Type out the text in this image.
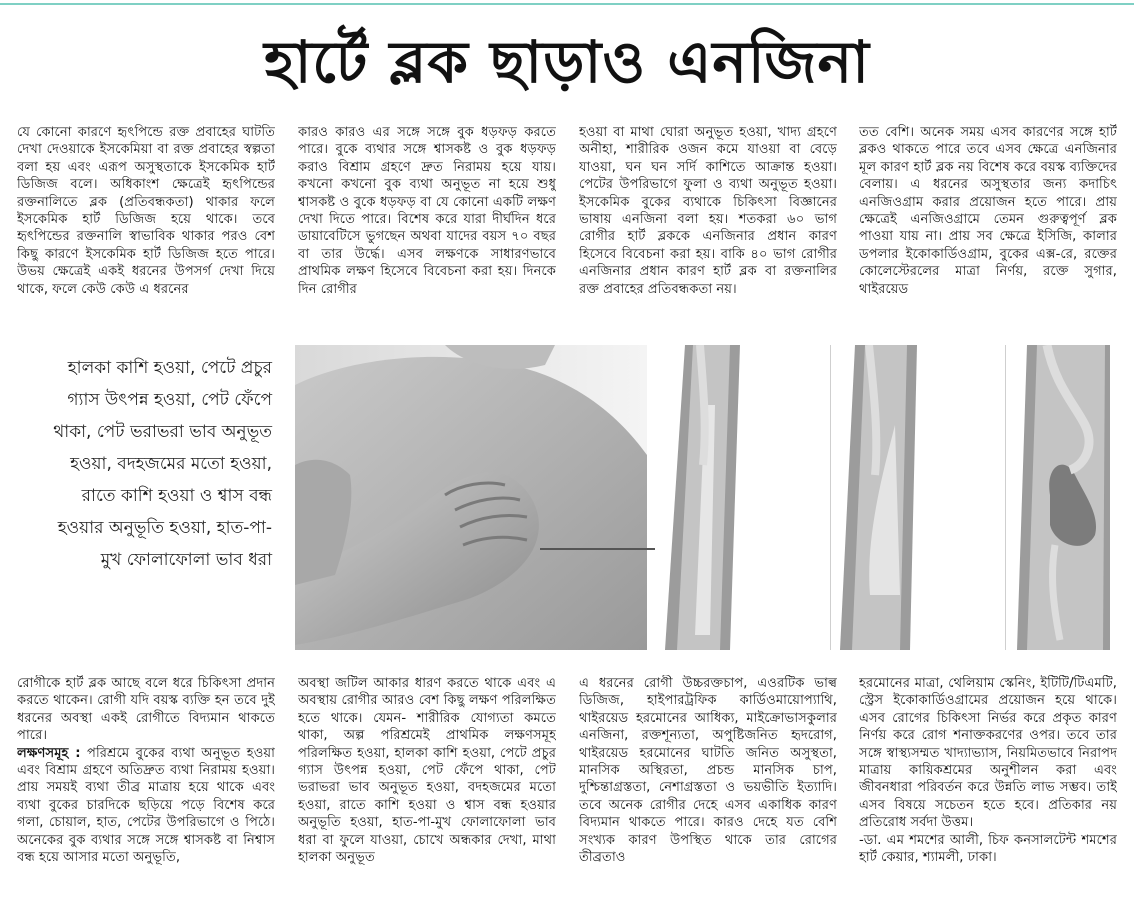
হার্টে ব্লক ছাড়াও এনজিনা
যে কোনো কারণে হৃৎপিন্ডে রক্ত প্রবাহের ঘাটতি দেখা দেওয়াকে ইসকেমিয়া বা রক্ত প্রবাহের স্বল্পতা বলা হয় এবং এরূপ অসুস্থতাকে ইসকেমিক হার্ট ডিজিজ বলে। অধিকাংশ ক্ষেত্রেই হৃৎপিন্ডের রক্তনালিতে ব্লক (প্রতিবন্ধকতা) থাকার ফলে ইসকেমিক হার্ট ডিজিজ হয়ে থাকে। তবে হৃৎপিন্ডের রক্তনালি স্বাভাবিক থাকার পরও বেশ কিছু কারণে ইসকেমিক হার্ট ডিজিজ হতে পারে। উভয় ক্ষেত্রেই একই ধরনের উপসর্গ দেখা দিয়ে থাকে, ফলে কেউ কেউ এ ধরনের
কারও কারও এর সঙ্গে সঙ্গে বুক ধড়ফড় করতে পারে। বুকে ব্যথার সঙ্গে শ্বাসকষ্ট ও বুক ধড়ফড় করাও বিশ্রাম গ্রহণে দ্রুত নিরাময় হয়ে যায়। কখনো কখনো বুক ব্যথা অনুভূত না হয়ে শুধু শ্বাসকষ্ট ও বুকে ধড়ফড় বা যে কোনো একটি লক্ষণ দেখা দিতে পারে। বিশেষ করে যারা দীর্ঘদিন ধরে ডায়াবেটিসে ভুগছেন অথবা যাদের বয়স ৭০ বছর বা তার উর্দ্ধে। এসব লক্ষণকে সাধারণভাবে প্রাথমিক লক্ষণ হিসেবে বিবেচনা করা হয়। দিনকে দিন রোগীর
হওয়া বা মাথা ঘোরা অনুভূত হওয়া, খাদ্য গ্রহণে অনীহা, শারীরিক ওজন কমে যাওয়া বা বেড়ে যাওয়া, ঘন ঘন সর্দি কাশিতে আক্রান্ত হওয়া। পেটের উপরিভাগে ফুলা ও ব্যথা অনুভূত হওয়া। ইসকেমিক বুকের ব্যথাকে চিকিৎসা বিজ্ঞানের ভাষায় এনজিনা বলা হয়। শতকরা ৬০ ভাগ রোগীর হার্ট ব্লককে এনজিনার প্রধান কারণ হিসেবে বিবেচনা করা হয়। বাকি ৪০ ভাগ রোগীর এনজিনার প্রধান কারণ হার্ট ব্লক বা রক্তনালির রক্ত প্রবাহের প্রতিবন্ধকতা নয়।
তত বেশি। অনেক সময় এসব কারণের সঙ্গে হার্ট ব্লকও থাকতে পারে তবে এসব ক্ষেত্রে এনজিনার মূল কারণ হার্ট ব্লক নয় বিশেষ করে বয়স্ক ব্যক্তিদের বেলায়। এ ধরনের অসুস্থতার জন্য কদাচিৎ এনজিওগ্রাম করার প্রয়োজন হতে পারে। প্রায় ক্ষেত্রেই এনজিওগ্রামে তেমন গুরুত্বপূর্ণ ব্লক পাওয়া যায় না। প্রায় সব ক্ষেত্রে ইসিজি, কালার ডপলার ইকোকার্ডিওগ্রাম, বুকের এক্স-রে, রক্তের কোলেস্টেরলের মাত্রা নির্ণয়, রক্তে সুগার, থাইরয়েড
হালকা কাশি হওয়া, পেটে প্রচুর গ্যাস উৎপন্ন হওয়া, পেট ফেঁপে থাকা, পেট ভরাভরা ভাব অনুভূত হওয়া, বদহজমের মতো হওয়া, রাতে কাশি হওয়া ও শ্বাস বন্ধ হওয়ার অনুভূতি হওয়া, হাত-পা-মুখ ফোলাফোলা ভাব ধরা
রোগীকে হার্ট ব্লক আছে বলে ধরে চিকিৎসা প্রদান করতে থাকেন। রোগী যদি বয়স্ক ব্যক্তি হন তবে দুই ধরনের অবস্থা একই রোগীতে বিদ্যমান থাকতে পারে।
লক্ষণসমূহ : পরিশ্রমে বুকের ব্যথা অনুভূত হওয়া এবং বিশ্রাম গ্রহণে অতিদ্রুত ব্যথা নিরাময় হওয়া। প্রায় সময়ই ব্যথা তীব্র মাত্রায় হয়ে থাকে এবং ব্যথা বুকের চারদিকে ছড়িয়ে পড়ে বিশেষ করে গলা, চোয়াল, হাত, পেটের উপরিভাগে ও পিঠে। অনেকের বুক ব্যথার সঙ্গে সঙ্গে শ্বাসকষ্ট বা নিশ্বাস বন্ধ হয়ে আসার মতো অনুভূতি,
অবস্থা জটিল আকার ধারণ করতে থাকে এবং এ অবস্থায় রোগীর আরও বেশ কিছু লক্ষণ পরিলক্ষিত হতে থাকে। যেমন- শারীরিক যোগ্যতা কমতে থাকা, অল্প পরিশ্রমেই প্রাথমিক লক্ষণসমূহ পরিলক্ষিত হওয়া, হালকা কাশি হওয়া, পেটে প্রচুর গ্যাস উৎপন্ন হওয়া, পেট ফেঁপে থাকা, পেট ভরাভরা ভাব অনুভূত হওয়া, বদহজমের মতো হওয়া, রাতে কাশি হওয়া ও শ্বাস বন্ধ হওয়ার অনুভূতি হওয়া, হাত-পা-মুখ ফোলাফোলা ভাব ধরা বা ফুলে যাওয়া, চোখে অন্ধকার দেখা, মাথা হালকা অনুভূত
এ ধরনের রোগী উচ্চরক্তচাপ, এওরটিক ভাল্ব ডিজিজ, হাইপারট্রফিক কার্ডিওমায়োপ্যাথি, থাইরয়েড হরমোনের আধিক্য, মাইক্রোভাসকুলার এনজিনা, রক্তশূন্যতা, অপুষ্টিজনিত হৃদরোগ, থাইরয়েড হরমোনের ঘাটতি জনিত অসুস্থতা, মানসিক অস্থিরতা, প্রচন্ড মানসিক চাপ, দুশ্চিন্তাগ্রস্ততা, নেশাগ্রস্ততা ও ভয়ভীতি ইত্যাদি। তবে অনেক রোগীর দেহে এসব একাধিক কারণ বিদ্যমান থাকতে পারে। কারও দেহে যত বেশি সংখ্যক কারণ উপস্থিত থাকে তার রোগের তীব্রতাও
হরমোনের মাত্রা, থেলিয়াম স্কেনিং, ইটিটি/টিএমটি, স্ট্রেস ইকোকার্ডিওগ্রামের প্রয়োজন হয়ে থাকে। এসব রোগের চিকিৎসা নির্ভর করে প্রকৃত কারণ নির্ণয় করে রোগ শনাক্তকরণের ওপর। তবে তার সঙ্গে স্বাস্থ্যসম্মত খাদ্যাভ্যাস, নিয়মিতভাবে নিরাপদ মাত্রায় কায়িকশ্রমের অনুশীলন করা এবং জীবনধারা পরিবর্তন করে উন্নতি লাভ সম্ভব। তাই এসব বিষয়ে সচেতন হতে হবে। প্রতিকার নয় প্রতিরোধ সর্বদা উত্তম।
-ডা. এম শমশের আলী, চিফ কনসালটেন্ট শমশের হার্ট কেয়ার, শ্যামলী, ঢাকা।
